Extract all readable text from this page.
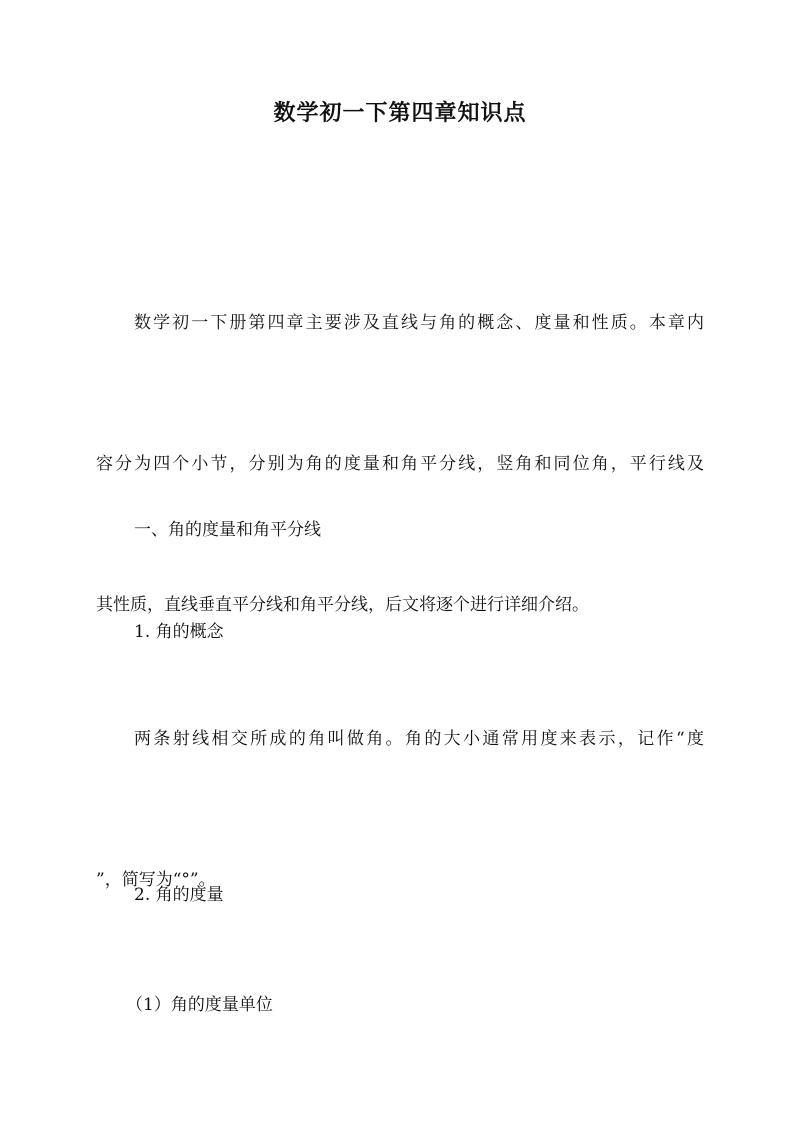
数学初一下第四章知识点

数学初一下册第四章主要涉及直线与角的概念、度量和性质。本章内

容分为四个小节，分别为角的度量和角平分线，竖角和同位角，平行线及

其性质，直线垂直平分线和角平分线，后文将逐个进行详细介绍。

一、角的度量和角平分线

1. 角的概念

两条射线相交所成的角叫做角。角的大小通常用度来表示，记作“度

”，简写为“°”。

2. 角的度量

（1）角的度量单位
